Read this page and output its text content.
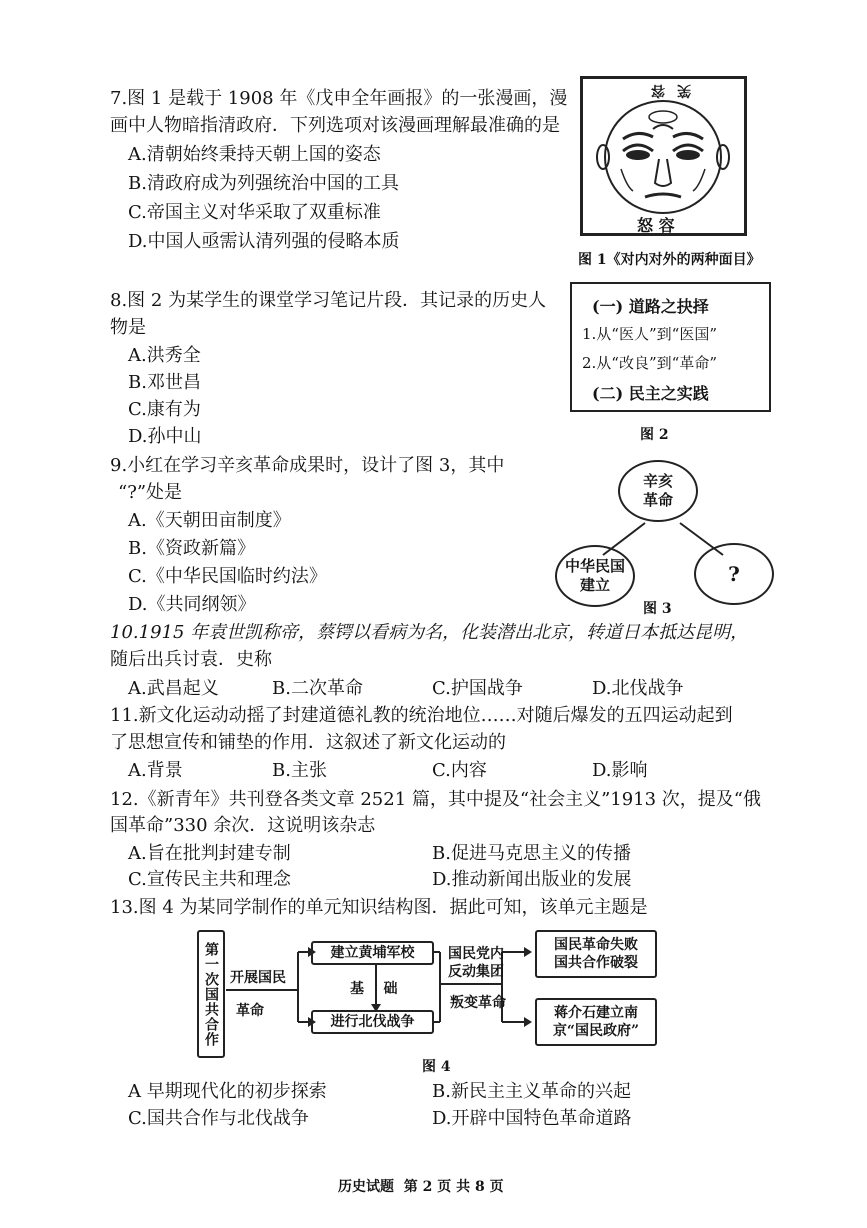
7.图 1 是载于 1908 年《戊申全年画报》的一张漫画，漫
画中人物暗指清政府．下列选项对该漫画理解最准确的是
A.清朝始终秉持天朝上国的姿态
B.清政府成为列强统治中国的工具
C.帝国主义对华采取了双重标准
D.中国人亟需认清列强的侵略本质
笑容
怒 容
图 1《对内对外的两种面目》
8.图 2 为某学生的课堂学习笔记片段．其记录的历史人
物是
A.洪秀全
B.邓世昌
C.康有为
D.孙中山
(一) 道路之抉择
1.从“医人”到“医国”
2.从“改良”到“革命”
(二) 民主之实践
图 2
9.小红在学习辛亥革命成果时，设计了图 3，其中
“?”处是
A.《天朝田亩制度》
B.《资政新篇》
C.《中华民国临时约法》
D.《共同纲领》
辛亥
革命
中华民国
建立	?
图 3
10.1915 年袁世凯称帝，蔡锷以看病为名，化装潜出北京，转道日本抵达昆明，
随后出兵讨袁．史称
A.武昌起义	B.二次革命	C.护国战争	D.北伐战争
11.新文化运动动摇了封建道德礼教的统治地位……对随后爆发的五四运动起到
了思想宣传和铺垫的作用．这叙述了新文化运动的
A.背景	B.主张	C.内容	D.影响
12.《新青年》共刊登各类文章 2521 篇，其中提及“社会主义”1913 次，提及“俄
国革命”330 余次．这说明该杂志
A.旨在批判封建专制	B.促进马克思主义的传播
C.宣传民主共和理念	D.推动新闻出版业的发展
13.图 4 为某同学制作的单元知识结构图．据此可知，该单元主题是
第一次国共合作 开展国民
革命
建立黄埔军校
基    础
进行北伐战争
国民党内
反动集团
叛变革命
国民革命失败
国共合作破裂
蒋介石建立南
京“国民政府”
图 4
A 早期现代化的初步探索	B.新民主主义革命的兴起
C.国共合作与北伐战争	D.开辟中国特色革命道路
历史试题  第 2 页 共 8 页
